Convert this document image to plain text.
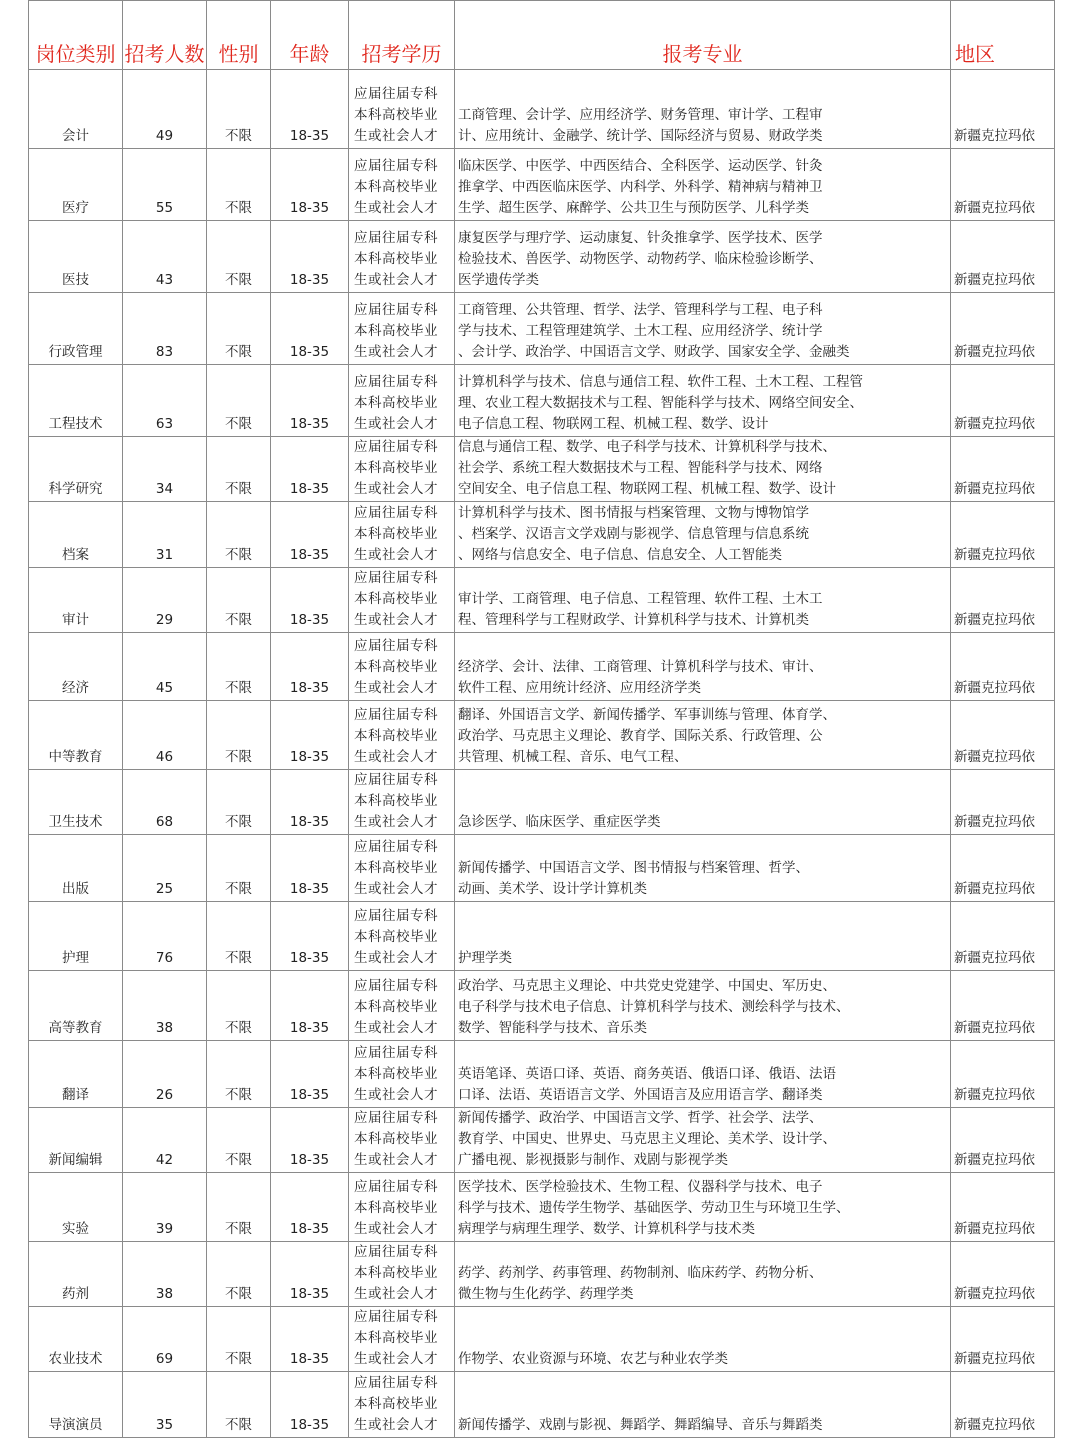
岗位类别	招考人数	性别	年龄	招考学历	报考专业	地区
会计	49	不限	18-35	应届往届专科
本科高校毕业
生或社会人才	工商管理、会计学、应用经济学、财务管理、审计学、工程审
计、应用统计、金融学、统计学、国际经济与贸易、财政学类	新疆克拉玛依
医疗	55	不限	18-35	应届往届专科
本科高校毕业
生或社会人才	临床医学、中医学、中西医结合、全科医学、运动医学、针灸
推拿学、中西医临床医学、内科学、外科学、精神病与精神卫
生学、超生医学、麻醉学、公共卫生与预防医学、儿科学类	新疆克拉玛依
医技	43	不限	18-35	应届往届专科
本科高校毕业
生或社会人才	康复医学与理疗学、运动康复、针灸推拿学、医学技术、医学
检验技术、兽医学、动物医学、动物药学、临床检验诊断学、
医学遗传学类	新疆克拉玛依
行政管理	83	不限	18-35	应届往届专科
本科高校毕业
生或社会人才	工商管理、公共管理、哲学、法学、管理科学与工程、电子科
学与技术、工程管理建筑学、土木工程、应用经济学、统计学
、会计学、政治学、中国语言文学、财政学、国家安全学、金融类	新疆克拉玛依
工程技术	63	不限	18-35	应届往届专科
本科高校毕业
生或社会人才	计算机科学与技术、信息与通信工程、软件工程、土木工程、工程管
理、农业工程大数据技术与工程、智能科学与技术、网络空间安全、
电子信息工程、物联网工程、机械工程、数学、设计	新疆克拉玛依
科学研究	34	不限	18-35	应届往届专科
本科高校毕业
生或社会人才	信息与通信工程、数学、电子科学与技术、计算机科学与技术、
社会学、系统工程大数据技术与工程、智能科学与技术、网络
空间安全、电子信息工程、物联网工程、机械工程、数学、设计	新疆克拉玛依
档案	31	不限	18-35	应届往届专科
本科高校毕业
生或社会人才	计算机科学与技术、图书情报与档案管理、文物与博物馆学
、档案学、汉语言文学戏剧与影视学、信息管理与信息系统
、网络与信息安全、电子信息、信息安全、人工智能类	新疆克拉玛依
审计	29	不限	18-35	应届往届专科
本科高校毕业
生或社会人才	审计学、工商管理、电子信息、工程管理、软件工程、土木工
程、管理科学与工程财政学、计算机科学与技术、计算机类	新疆克拉玛依
经济	45	不限	18-35	应届往届专科
本科高校毕业
生或社会人才	经济学、会计、法律、工商管理、计算机科学与技术、审计、
软件工程、应用统计经济、应用经济学类	新疆克拉玛依
中等教育	46	不限	18-35	应届往届专科
本科高校毕业
生或社会人才	翻译、外国语言文学、新闻传播学、军事训练与管理、体育学、
政治学、马克思主义理论、教育学、国际关系、行政管理、公
共管理、机械工程、音乐、电气工程、	新疆克拉玛依
卫生技术	68	不限	18-35	应届往届专科
本科高校毕业
生或社会人才	急诊医学、临床医学、重症医学类	新疆克拉玛依
出版	25	不限	18-35	应届往届专科
本科高校毕业
生或社会人才	新闻传播学、中国语言文学、图书情报与档案管理、哲学、
动画、美术学、设计学计算机类	新疆克拉玛依
护理	76	不限	18-35	应届往届专科
本科高校毕业
生或社会人才	护理学类	新疆克拉玛依
高等教育	38	不限	18-35	应届往届专科
本科高校毕业
生或社会人才	政治学、马克思主义理论、中共党史党建学、中国史、军历史、
电子科学与技术电子信息、计算机科学与技术、测绘科学与技术、
数学、智能科学与技术、音乐类	新疆克拉玛依
翻译	26	不限	18-35	应届往届专科
本科高校毕业
生或社会人才	英语笔译、英语口译、英语、商务英语、俄语口译、俄语、法语
口译、法语、英语语言文学、外国语言及应用语言学、翻译类	新疆克拉玛依
新闻编辑	42	不限	18-35	应届往届专科
本科高校毕业
生或社会人才	新闻传播学、政治学、中国语言文学、哲学、社会学、法学、
教育学、中国史、世界史、马克思主义理论、美术学、设计学、
广播电视、影视摄影与制作、戏剧与影视学类	新疆克拉玛依
实验	39	不限	18-35	应届往届专科
本科高校毕业
生或社会人才	医学技术、医学检验技术、生物工程、仪器科学与技术、电子
科学与技术、遗传学生物学、基础医学、劳动卫生与环境卫生学、
病理学与病理生理学、数学、计算机科学与技术类	新疆克拉玛依
药剂	38	不限	18-35	应届往届专科
本科高校毕业
生或社会人才	药学、药剂学、药事管理、药物制剂、临床药学、药物分析、
微生物与生化药学、药理学类	新疆克拉玛依
农业技术	69	不限	18-35	应届往届专科
本科高校毕业
生或社会人才	作物学、农业资源与环境、农艺与种业农学类	新疆克拉玛依
导演演员	35	不限	18-35	应届往届专科
本科高校毕业
生或社会人才	新闻传播学、戏剧与影视、舞蹈学、舞蹈编导、音乐与舞蹈类	新疆克拉玛依
